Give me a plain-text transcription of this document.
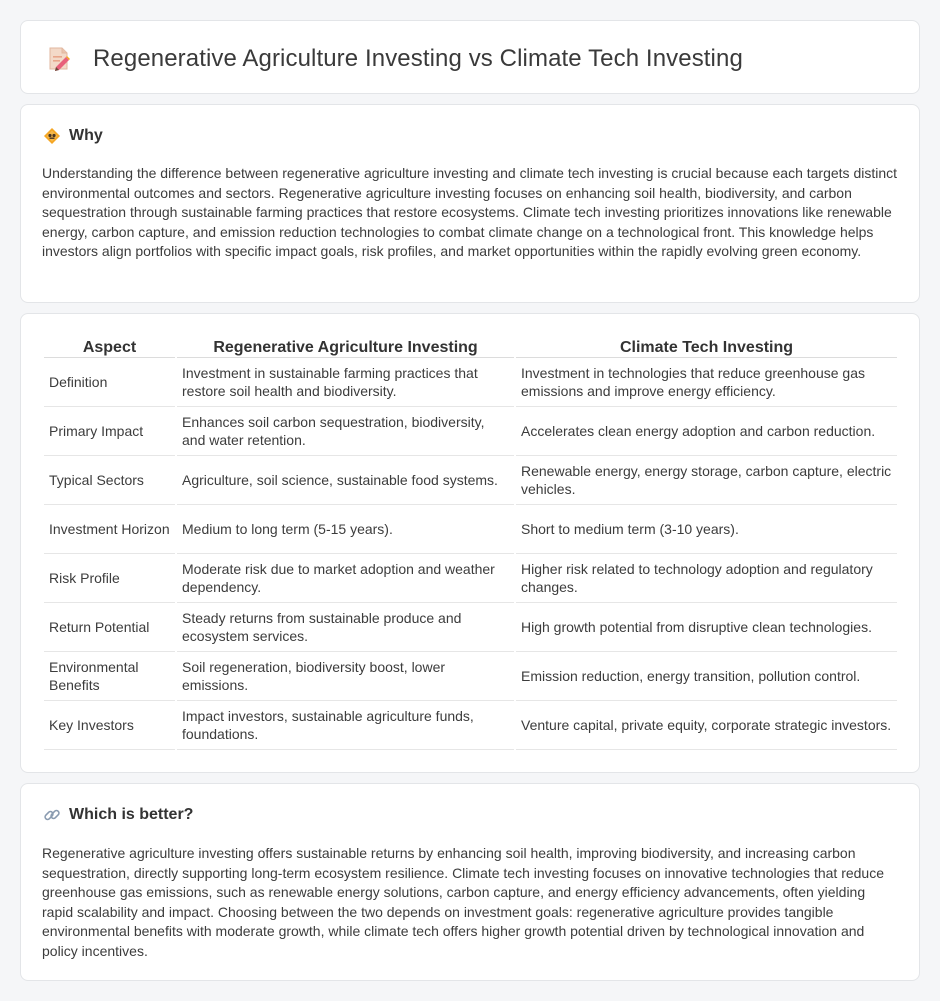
Regenerative Agriculture Investing vs Climate Tech Investing
Why

Understanding the difference between regenerative agriculture investing and climate tech investing is crucial because each targets distinct environmental outcomes and sectors. Regenerative agriculture investing focuses on enhancing soil health, biodiversity, and carbon sequestration through sustainable farming practices that restore ecosystems. Climate tech investing prioritizes innovations like renewable energy, carbon capture, and emission reduction technologies to combat climate change on a technological front. This knowledge helps investors align portfolios with specific impact goals, risk profiles, and market opportunities within the rapidly evolving green economy.

Aspect	Regenerative Agriculture Investing	Climate Tech Investing
Definition	Investment in sustainable farming practices that restore soil health and biodiversity.	Investment in technologies that reduce greenhouse gas emissions and improve energy efficiency.
Primary Impact	Enhances soil carbon sequestration, biodiversity, and water retention.	Accelerates clean energy adoption and carbon reduction.
Typical Sectors	Agriculture, soil science, sustainable food systems.	Renewable energy, energy storage, carbon capture, electric vehicles.
Investment Horizon	Medium to long term (5-15 years).	Short to medium term (3-10 years).
Risk Profile	Moderate risk due to market adoption and weather dependency.	Higher risk related to technology adoption and regulatory changes.
Return Potential	Steady returns from sustainable produce and ecosystem services.	High growth potential from disruptive clean technologies.
Environmental Benefits	Soil regeneration, biodiversity boost, lower emissions.	Emission reduction, energy transition, pollution control.
Key Investors	Impact investors, sustainable agriculture funds, foundations.	Venture capital, private equity, corporate strategic investors.
Which is better?

Regenerative agriculture investing offers sustainable returns by enhancing soil health, improving biodiversity, and increasing carbon sequestration, directly supporting long-term ecosystem resilience. Climate tech investing focuses on innovative technologies that reduce greenhouse gas emissions, such as renewable energy solutions, carbon capture, and energy efficiency advancements, often yielding rapid scalability and impact. Choosing between the two depends on investment goals: regenerative agriculture provides tangible environmental benefits with moderate growth, while climate tech offers higher growth potential driven by technological innovation and policy incentives.
